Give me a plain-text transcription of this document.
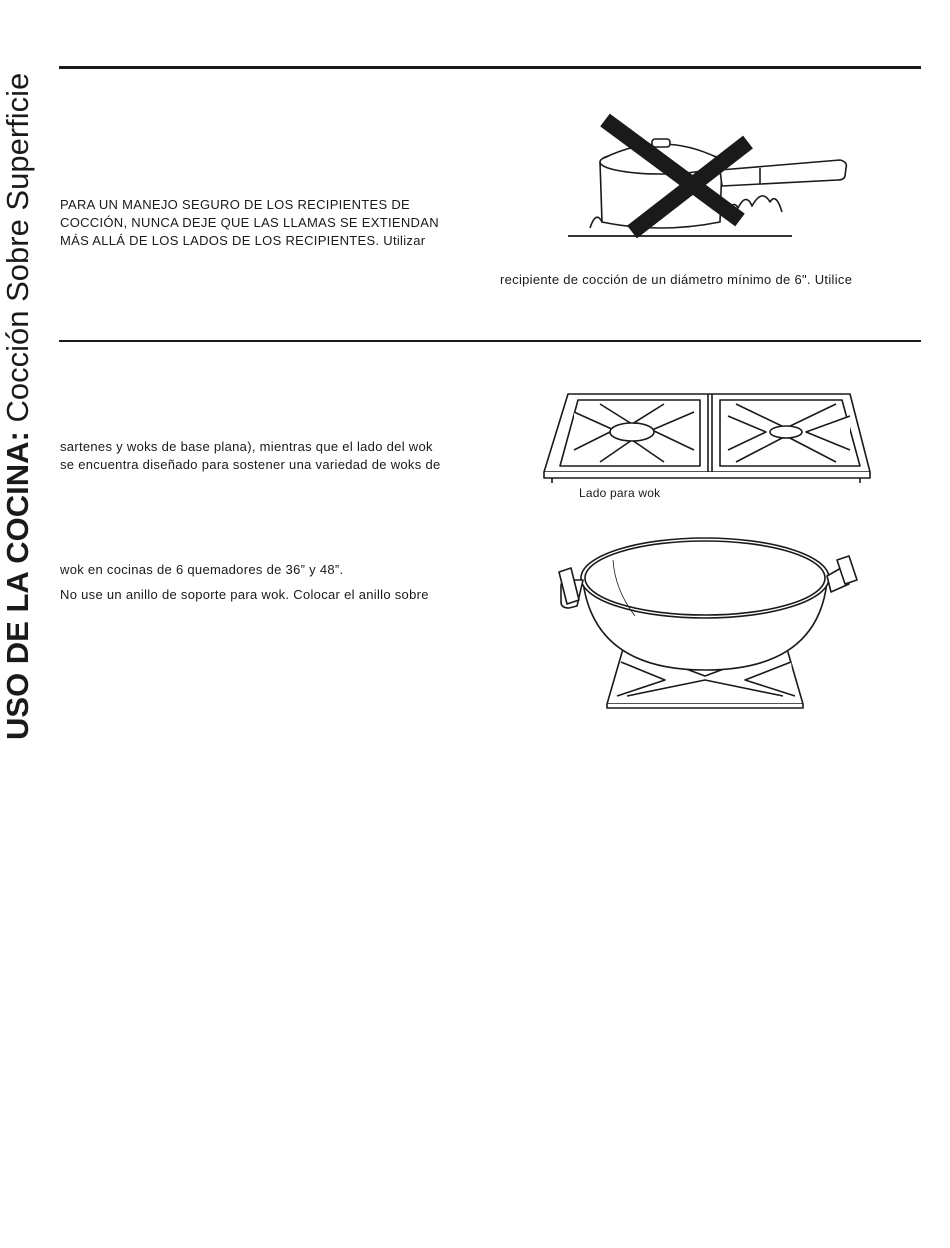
USO DE LA COCINA: Cocción Sobre Superficie PARA UN MANEJO SEGURO DE LOS RECIPIENTES DE
COCCIÓN, NUNCA DEJE QUE LAS LLAMAS SE EXTIENDAN
MÁS ALLÁ DE LOS LADOS DE LOS RECIPIENTES. Utilizar
recipiente de cocción de un diámetro mínimo de 6". Utilice
sartenes y woks de base plana), mientras que el lado del wok
se encuentra diseñado para sostener una variedad de woks de
wok en cocinas de 6 quemadores de 36” y 48”.
No use un anillo de soporte para wok. Colocar el anillo sobre
Lado para wok
